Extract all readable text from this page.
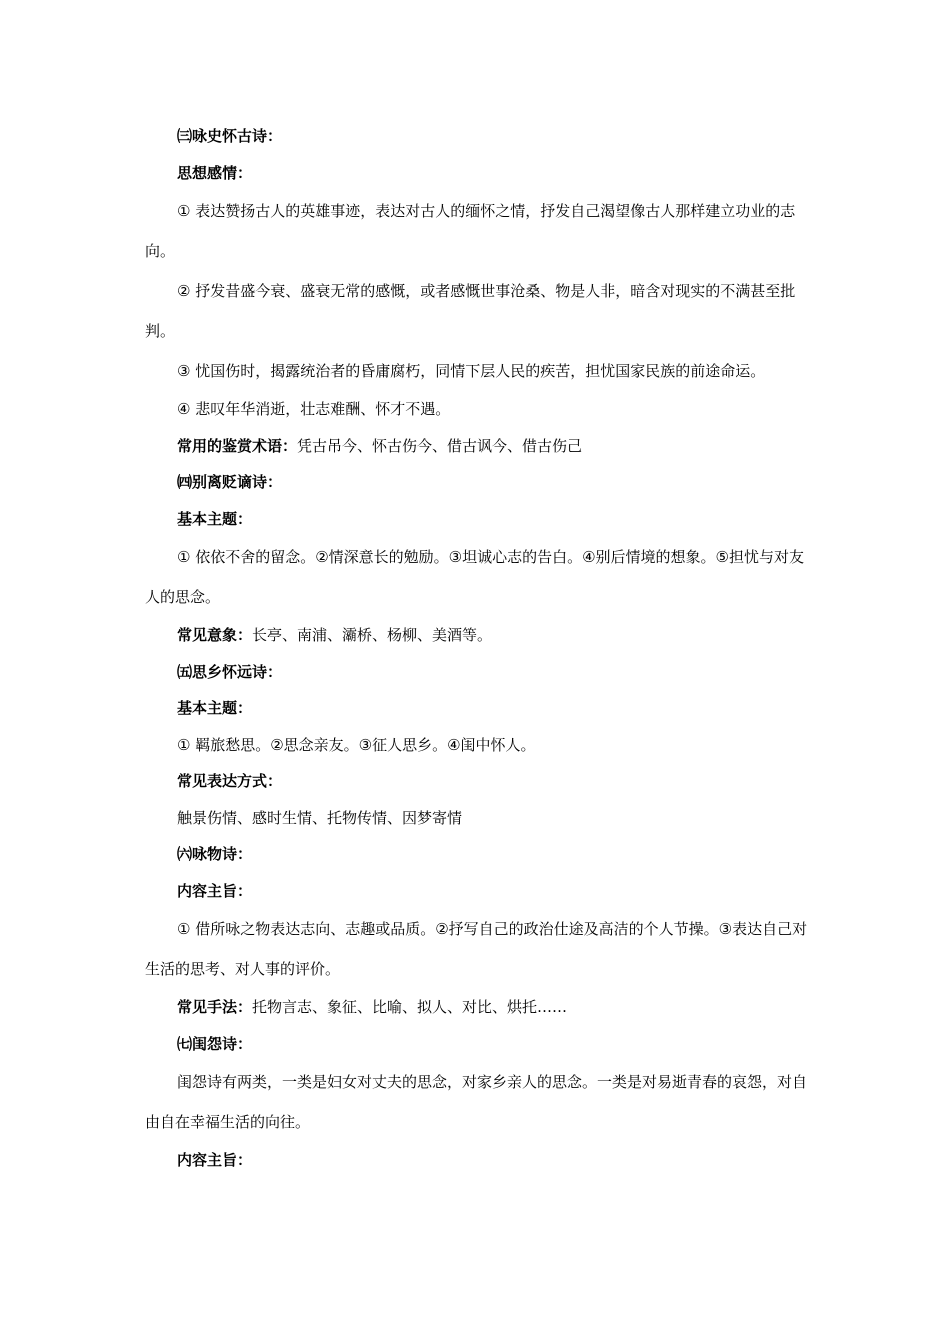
㈢咏史怀古诗：
思想感情：
① 表达赞扬古人的英雄事迹，表达对古人的缅怀之情，抒发自己渴望像古人那样建立功业的志向。
② 抒发昔盛今衰、盛衰无常的感慨，或者感慨世事沧桑、物是人非，暗含对现实的不满甚至批判。
③ 忧国伤时，揭露统治者的昏庸腐朽，同情下层人民的疾苦，担忧国家民族的前途命运。
④ 悲叹年华消逝，壮志难酬、怀才不遇。
常用的鉴赏术语：凭古吊今、怀古伤今、借古讽今、借古伤己
㈣别离贬谪诗：
基本主题：
① 依依不舍的留念。②情深意长的勉励。③坦诚心志的告白。④别后情境的想象。⑤担忧与对友人的思念。
常见意象：长亭、南浦、灞桥、杨柳、美酒等。
㈤思乡怀远诗：
基本主题：
① 羁旅愁思。②思念亲友。③征人思乡。④闺中怀人。
常见表达方式：
触景伤情、感时生情、托物传情、因梦寄情
㈥咏物诗：
内容主旨：
① 借所咏之物表达志向、志趣或品质。②抒写自己的政治仕途及高洁的个人节操。③表达自己对生活的思考、对人事的评价。
常见手法：托物言志、象征、比喻、拟人、对比、烘托……
㈦闺怨诗：
闺怨诗有两类，一类是妇女对丈夫的思念，对家乡亲人的思念。一类是对易逝青春的哀怨，对自由自在幸福生活的向往。
内容主旨：
